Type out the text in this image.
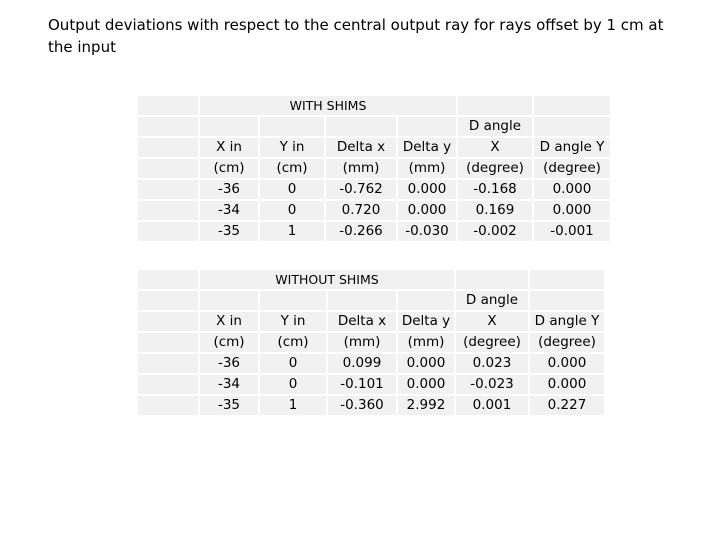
Output deviations with respect to the central output ray for rays offset by 1 cm at the input
	WITH SHIMS					
					D angle	
	X in	Y in	Delta x	Delta y	X	D angle Y
	(cm)	(cm)	(mm)	(mm)	(degree)	(degree)
	-36	0	-0.762	0.000	-0.168	0.000
	-34	0	0.720	0.000	0.169	0.000
	-35	1	-0.266	-0.030	-0.002	-0.001
	WITHOUT SHIMS					
					D angle	
	X in	Y in	Delta x	Delta y	X	D angle Y
	(cm)	(cm)	(mm)	(mm)	(degree)	(degree)
	-36	0	0.099	0.000	0.023	0.000
	-34	0	-0.101	0.000	-0.023	0.000
	-35	1	-0.360	2.992	0.001	0.227
